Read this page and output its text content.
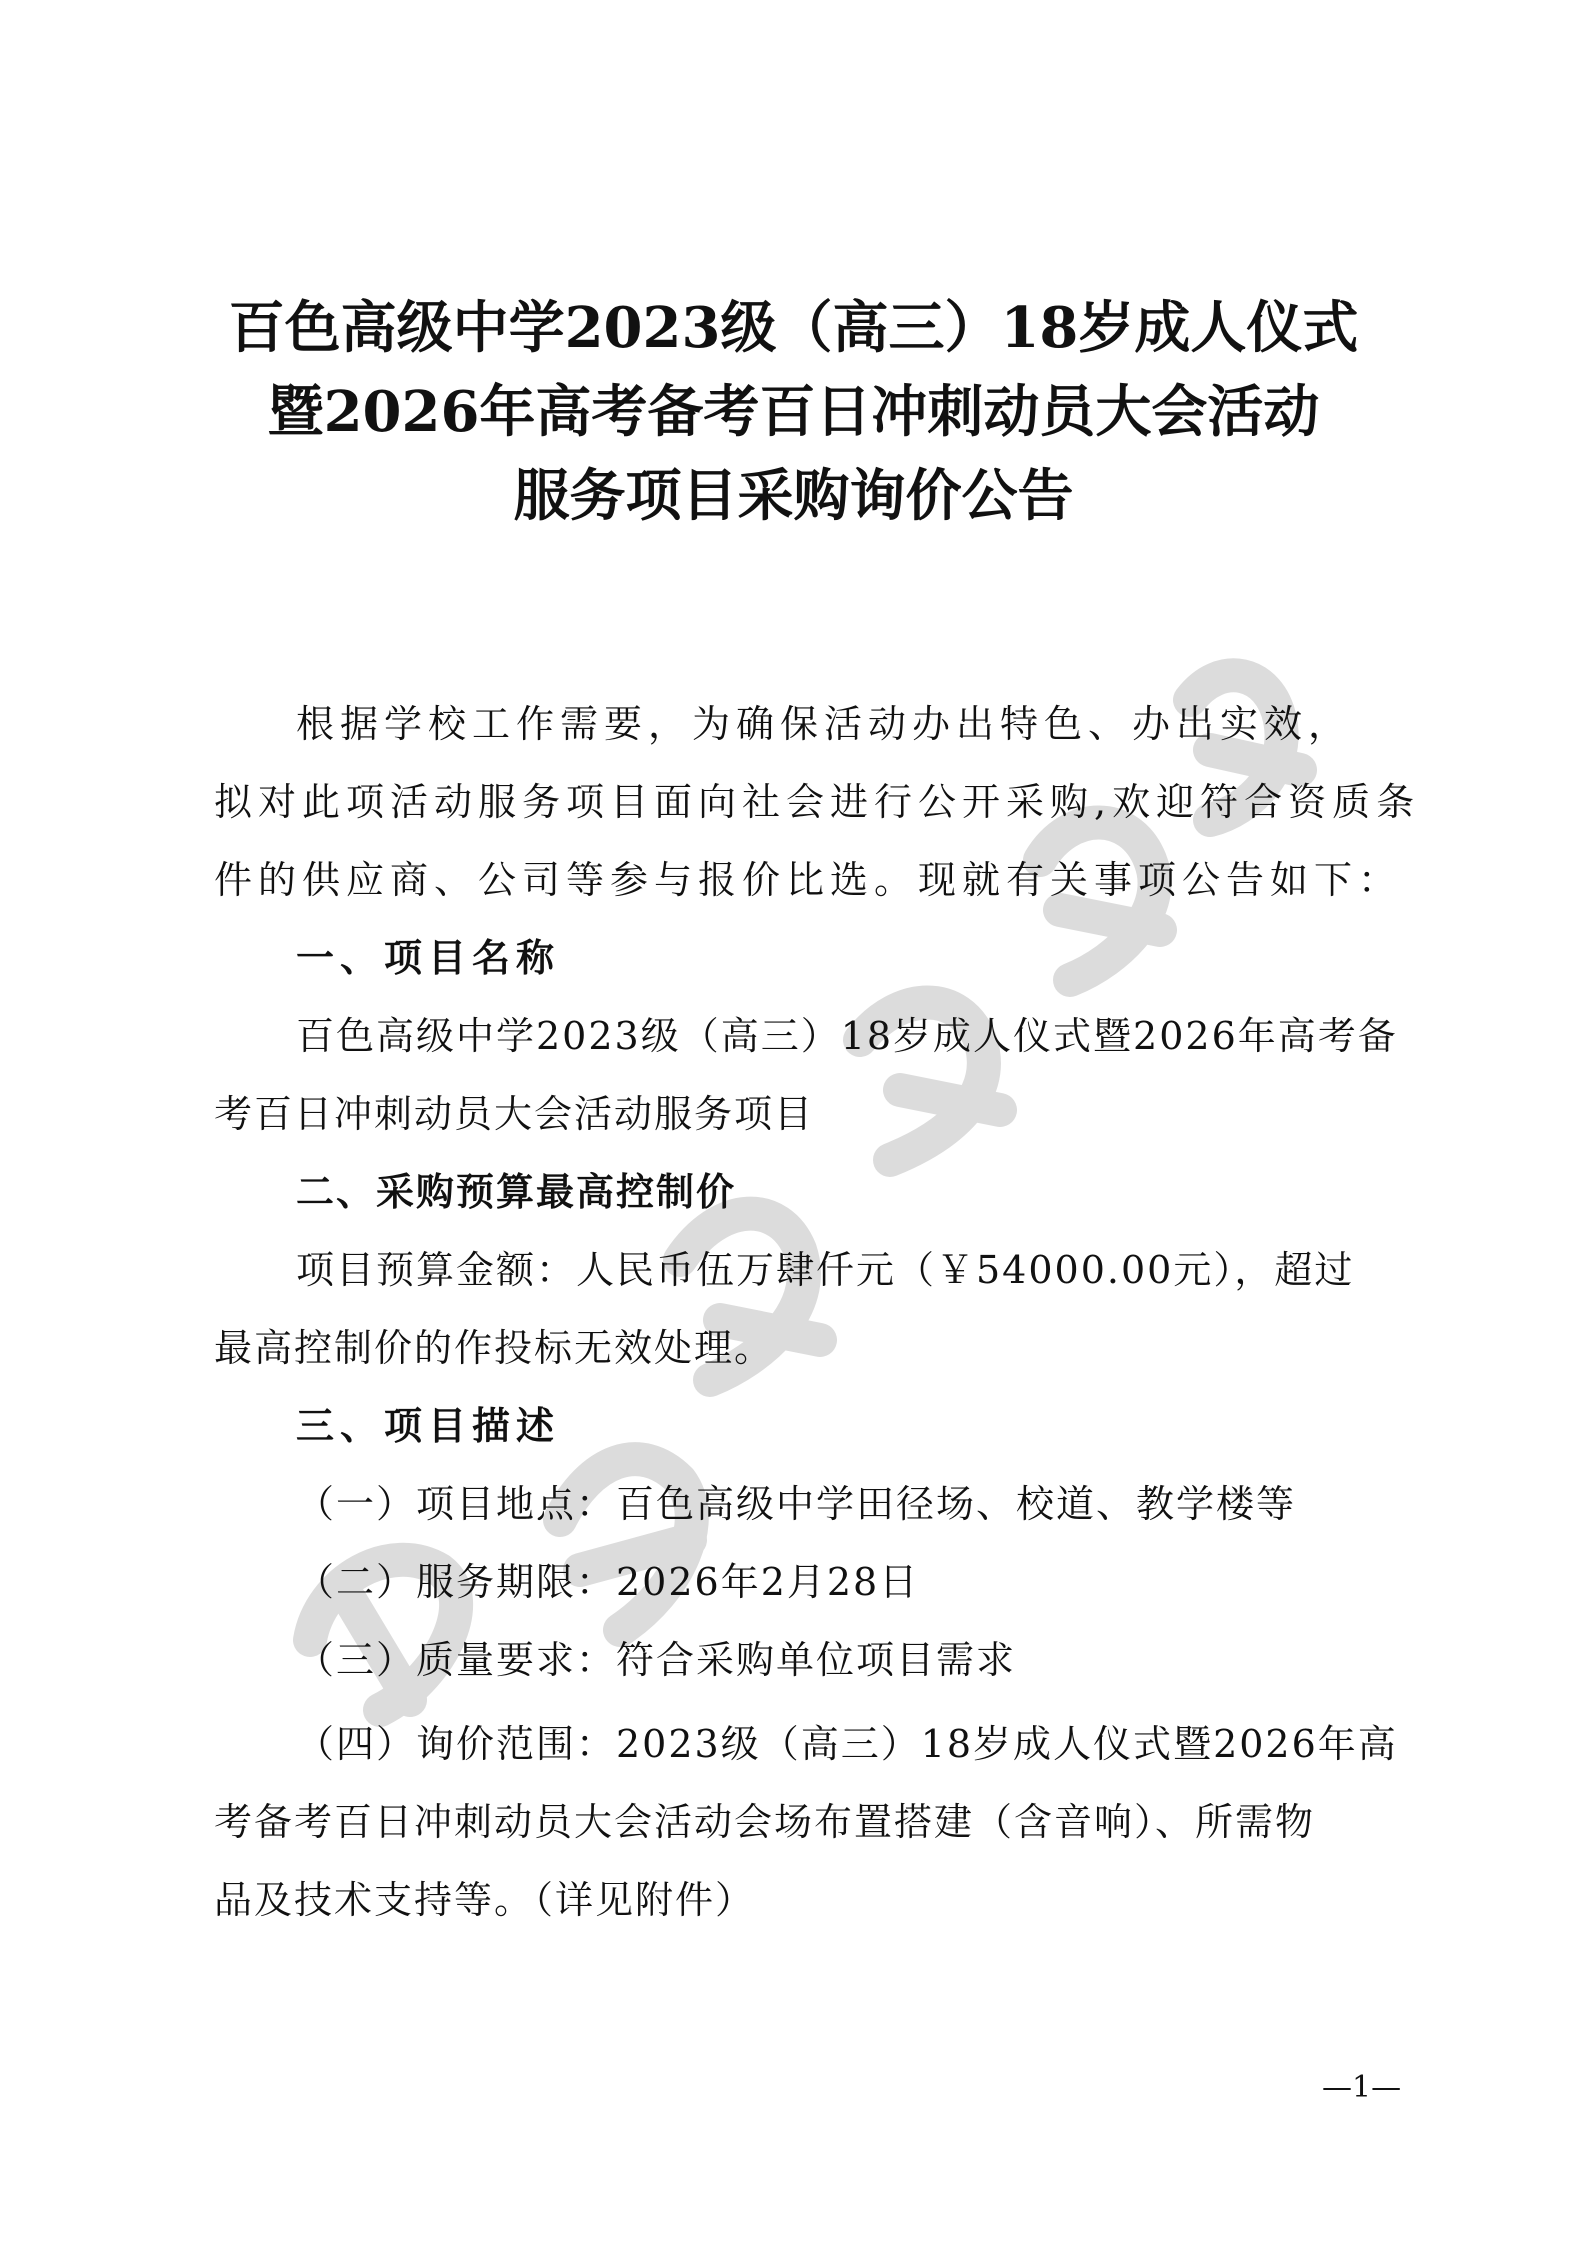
百色高级中学2023级（高三）18岁成人仪式
暨2026年高考备考百日冲刺动员大会活动
服务项目采购询价公告

根据学校工作需要，为确保活动办出特色、办出实效，

拟对此项活动服务项目面向社会进行公开采购,欢迎符合资质条

件的供应商、公司等参与报价比选。现就有关事项公告如下：

一、项目名称

百色高级中学2023级（高三）18岁成人仪式暨2026年高考备

考百日冲刺动员大会活动服务项目

二、采购预算最高控制价

项目预算金额：人民币伍万肆仟元（￥54000.00元），超过

最高控制价的作投标无效处理。

三、项目描述

（一）项目地点：百色高级中学田径场、校道、教学楼等

（二）服务期限：2026年2月28日

（三）质量要求：符合采购单位项目需求

（四）询价范围：2023级（高三）18岁成人仪式暨2026年高

考备考百日冲刺动员大会活动会场布置搭建（含音响）、所需物

品及技术支持等。（详见附件）

—1—
